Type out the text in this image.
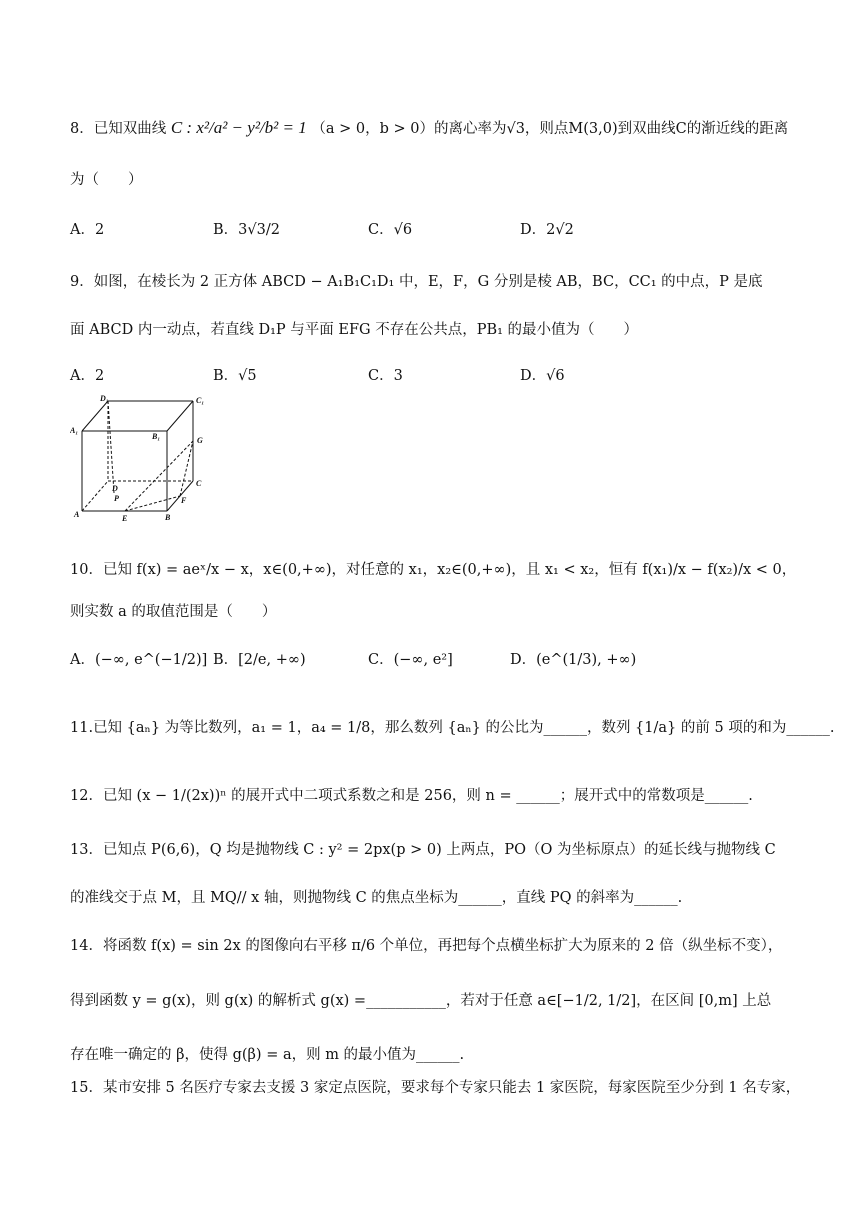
8．已知双曲线 C : x²/a² − y²/b² = 1 （a > 0，b > 0）的离心率为√3，则点M(3,0)到双曲线C的渐近线的距离
为（　　）
A．2	B．3√3/2	C．√6	D．2√2
9．如图，在棱长为 2 正方体 ABCD − A₁B₁C₁D₁ 中，E，F，G 分别是棱 AB，BC，CC₁ 的中点，P 是底
面 ABCD 内一动点，若直线 D₁P 与平面 EFG 不存在公共点，PB₁ 的最小值为（　　）
A．2	B．√5	C．3	D．√6
D₁	C₁
A₁
B₁	G
D
P
C
F
A	E	B
10．已知 f(x) = aeˣ/x − x，x∈(0,+∞)，对任意的 x₁，x₂∈(0,+∞)，且 x₁ < x₂，恒有 f(x₁)/x − f(x₂)/x < 0，
则实数 a 的取值范围是（　　）
A．(−∞, e^(−1/2)] B．[2/e, +∞)	C．(−∞, e²]	D．(e^(1/3), +∞)
11.已知 {aₙ} 为等比数列，a₁ = 1，a₄ = 1/8，那么数列 {aₙ} 的公比为______，数列 {1/a} 的前 5 项的和为______.
12．已知 (x − 1/(2x))ⁿ 的展开式中二项式系数之和是 256，则 n = ______；展开式中的常数项是______.
13．已知点 P(6,6)，Q 均是抛物线 C : y² = 2px(p > 0) 上两点，PO（O 为坐标原点）的延长线与抛物线 C
的准线交于点 M，且 MQ// x 轴，则抛物线 C 的焦点坐标为______，直线 PQ 的斜率为______.
14．将函数 f(x) = sin 2x 的图像向右平移 π/6 个单位，再把每个点横坐标扩大为原来的 2 倍（纵坐标不变），
得到函数 y = g(x)，则 g(x) 的解析式 g(x) =___________，若对于任意 a∈[−1/2, 1/2]，在区间 [0,m] 上总
存在唯一确定的 β，使得 g(β) = a，则 m 的最小值为______.
15．某市安排 5 名医疗专家去支援 3 家定点医院，要求每个专家只能去 1 家医院，每家医院至少分到 1 名专家，
